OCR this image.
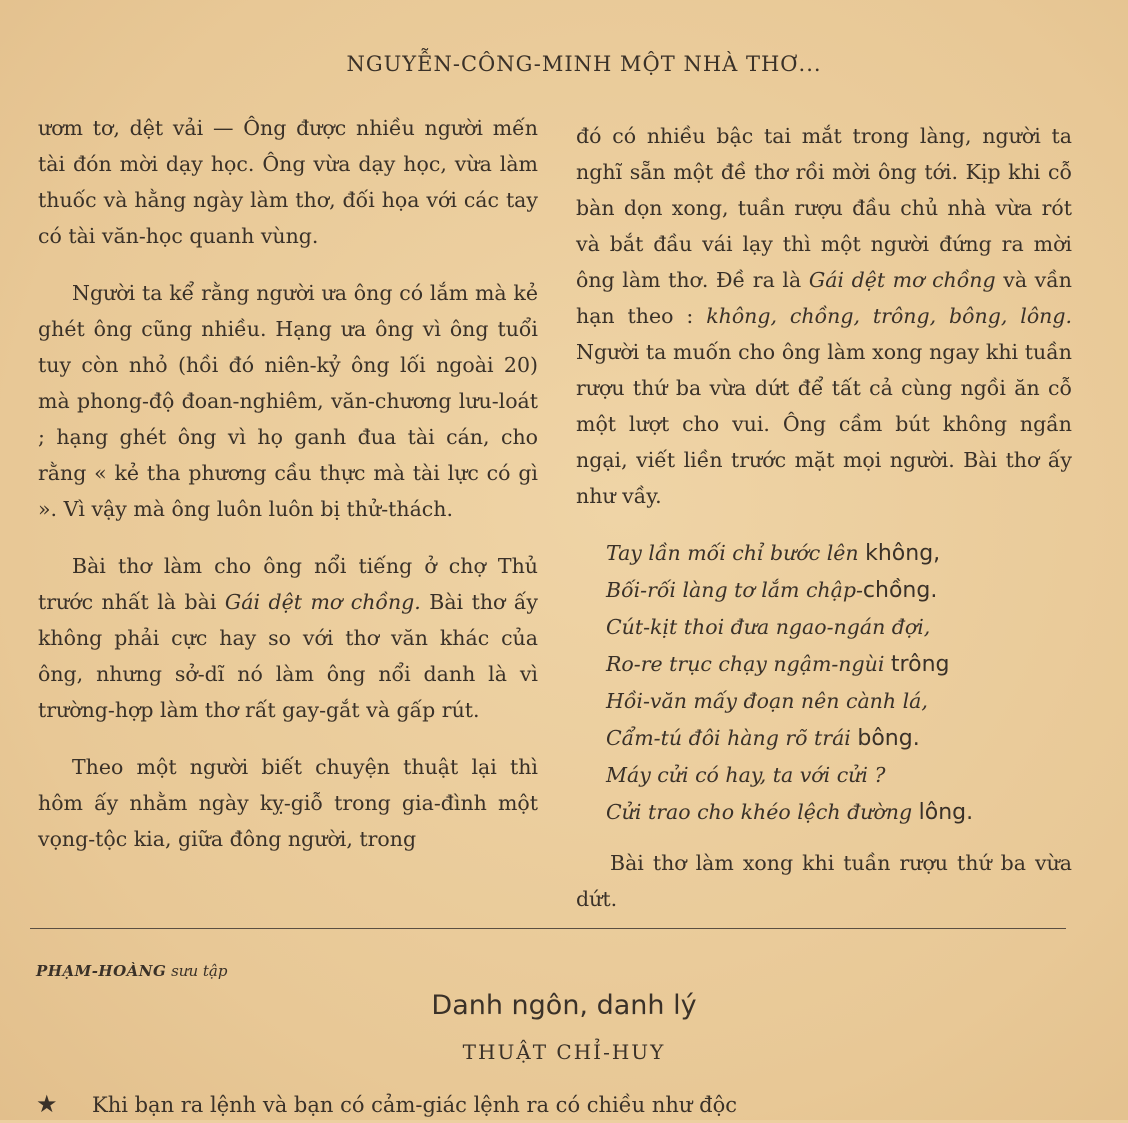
NGUYỄN-CÔNG-MINH MỘT NHÀ THƠ...

ươm tơ, dệt vải — Ông được nhiều người mến tài đón mời dạy học. Ông vừa dạy học, vừa làm thuốc và hằng ngày làm thơ, đối họa với các tay có tài văn-học quanh vùng.

Người ta kể rằng người ưa ông có lắm mà kẻ ghét ông cũng nhiều. Hạng ưa ông vì ông tuổi tuy còn nhỏ (hồi đó niên-kỷ ông lối ngoài 20) mà phong-độ đoan-nghiêm, văn-chương lưu-loát ; hạng ghét ông vì họ ganh đua tài cán, cho rằng « kẻ tha phương cầu thực mà tài lực có gì ». Vì vậy mà ông luôn luôn bị thử-thách.

Bài thơ làm cho ông nổi tiếng ở chợ Thủ trước nhất là bài Gái dệt mơ chồng. Bài thơ ấy không phải cực hay so với thơ văn khác của ông, nhưng sở-dĩ nó làm ông nổi danh là vì trường-hợp làm thơ rất gay-gắt và gấp rút.

Theo một người biết chuyện thuật lại thì hôm ấy nhằm ngày kỵ-giỗ trong gia-đình một vọng-tộc kia, giữa đông người, trong

đó có nhiều bậc tai mắt trong làng, người ta nghĩ sẵn một đề thơ rồi mời ông tới. Kịp khi cỗ bàn dọn xong, tuần rượu đầu chủ nhà vừa rót và bắt đầu vái lạy thì một người đứng ra mời ông làm thơ. Đề ra là Gái dệt mơ chồng và vần hạn theo : không, chồng, trông, bông, lông. Người ta muốn cho ông làm xong ngay khi tuần rượu thứ ba vừa dứt để tất cả cùng ngồi ăn cỗ một lượt cho vui. Ông cầm bút không ngần ngại, viết liền trước mặt mọi người. Bài thơ ấy như vầy.

Tay lần mối chỉ bước lên không,
Bối-rối làng tơ lắm chập-chồng.
Cút-kịt thoi đưa ngao-ngán đợi,
Ro-re trục chạy ngậm-ngùi trông
Hồi-văn mấy đoạn nên cành lá,
Cẩm-tú đôi hàng rõ trái bông.
Máy cửi có hay, ta với cửi ?
Cửi trao cho khéo lệch đường lông.

Bài thơ làm xong khi tuần rượu thứ ba vừa dứt.

PHẠM-HOÀNG sưu tập
Danh ngôn, danh lý
THUẬT CHỈ-HUY
★ Khi bạn ra lệnh và bạn có cảm-giác lệnh ra có chiều như độc
